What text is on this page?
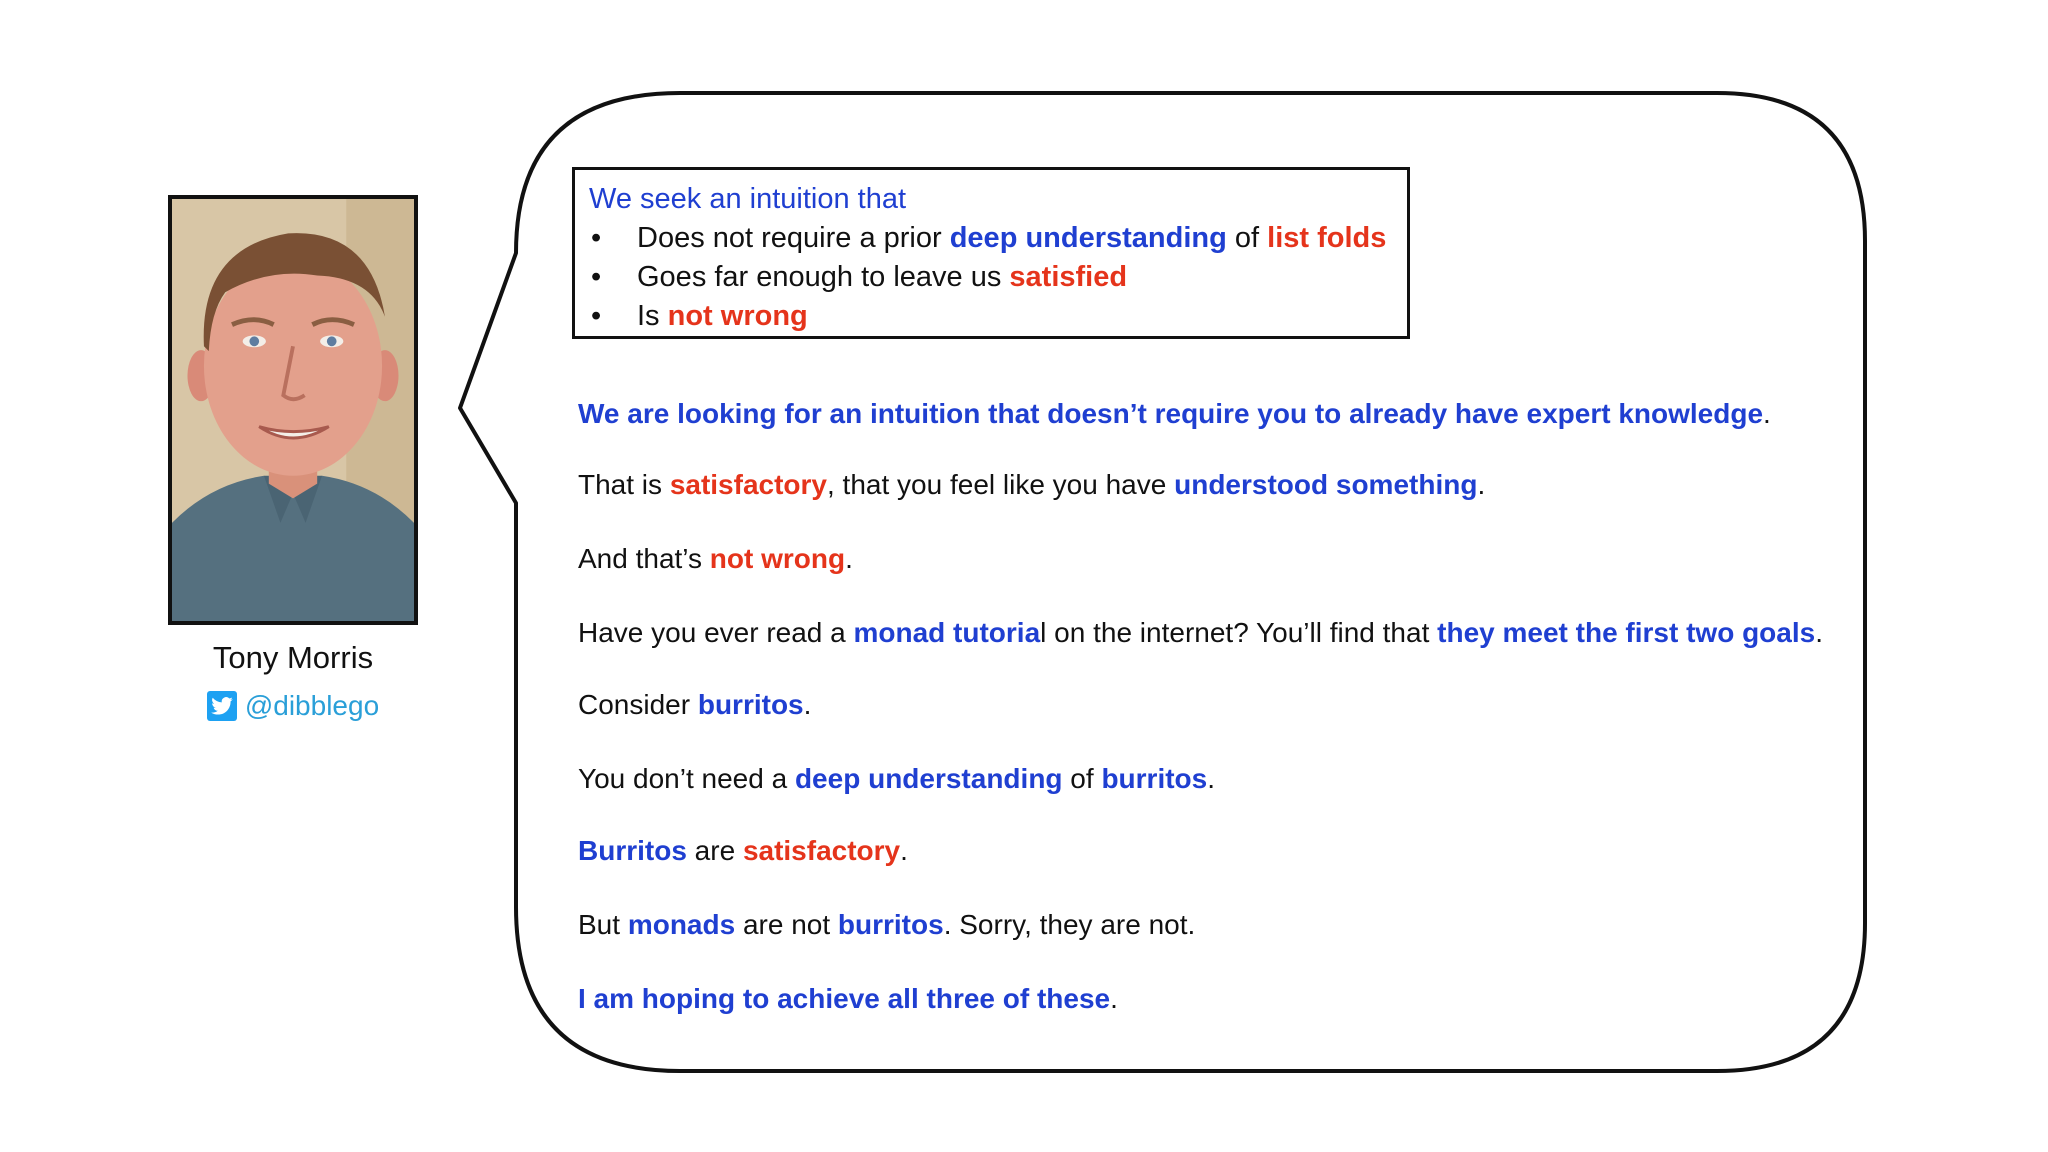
Tony Morris
@dibblego
We seek an intuition that
• Does not require a prior deep understanding of list folds
• Goes far enough to leave us satisfied
• Is not wrong
We are looking for an intuition that doesn’t require you to already have expert knowledge.
That is satisfactory, that you feel like you have understood something.
And that’s not wrong.
Have you ever read a monad tutorial on the internet? You’ll find that they meet the first two goals.
Consider burritos.
You don’t need a deep understanding of burritos.
Burritos are satisfactory.
But monads are not burritos. Sorry, they are not.
I am hoping to achieve all three of these.
